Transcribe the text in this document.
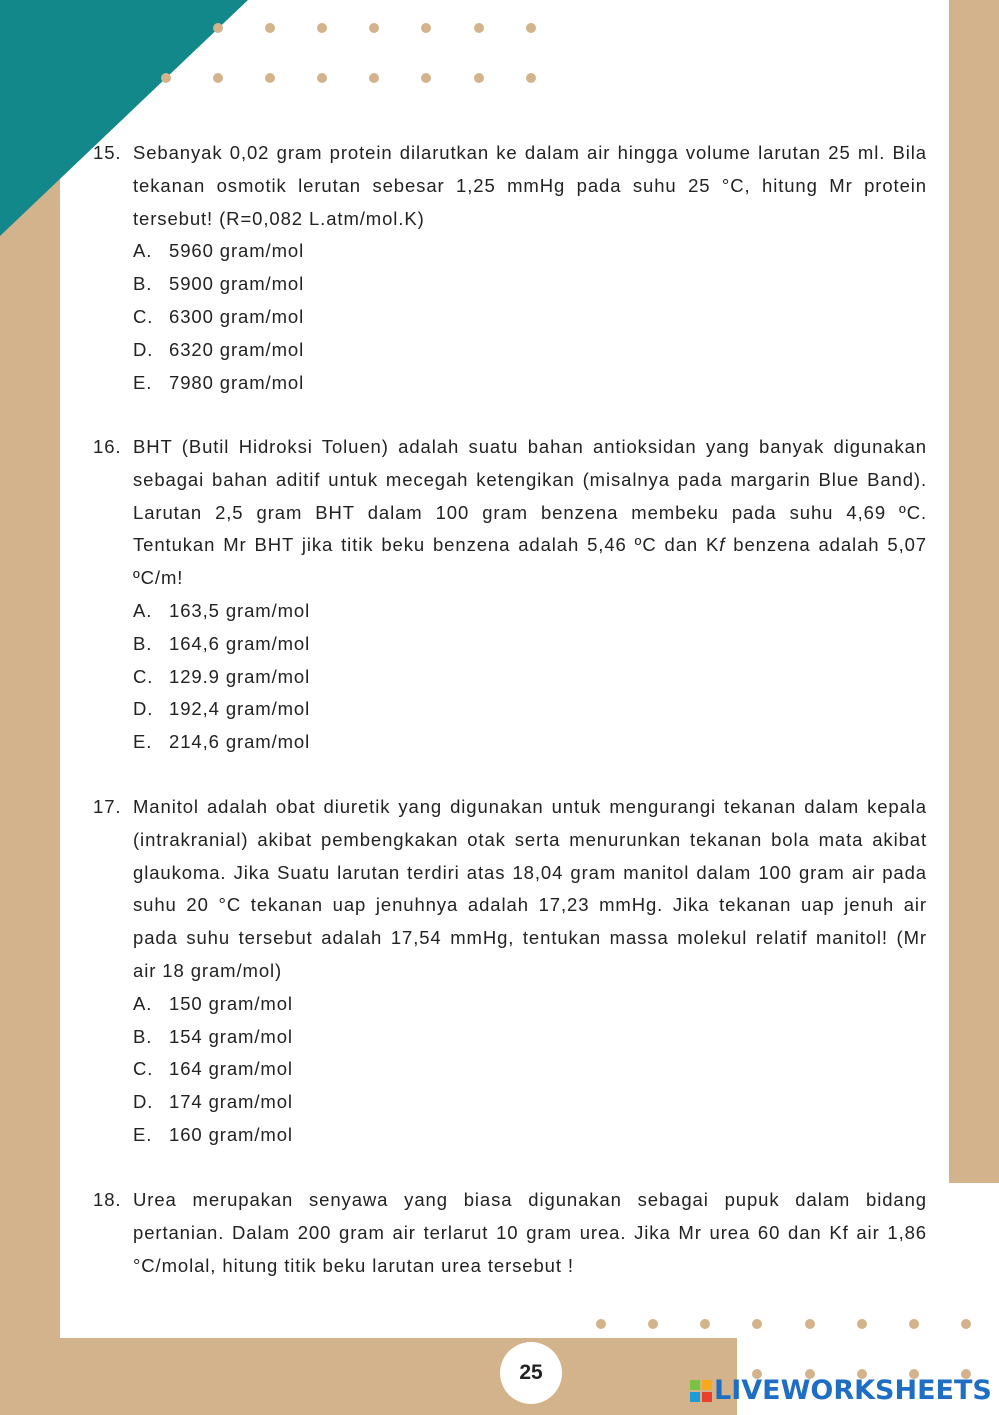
15. Sebanyak 0,02 gram protein dilarutkan ke dalam air hingga volume larutan 25 ml. Bila tekanan osmotik lerutan sebesar 1,25 mmHg pada suhu 25 °C, hitung Mr protein tersebut! (R=0,082 L.atm/mol.K)
A. 5960 gram/mol
B. 5900 gram/mol
C. 6300 gram/mol
D. 6320 gram/mol
E. 7980 gram/mol
16. BHT (Butil Hidroksi Toluen) adalah suatu bahan antioksidan yang banyak digunakan sebagai bahan aditif untuk mecegah ketengikan (misalnya pada margarin Blue Band). Larutan 2,5 gram BHT dalam 100 gram benzena membeku pada suhu 4,69 ºC. Tentukan Mr BHT jika titik beku benzena adalah 5,46 ºC dan Kf benzena adalah 5,07 ºC/m!
A. 163,5 gram/mol
B. 164,6 gram/mol
C. 129.9 gram/mol
D. 192,4 gram/mol
E. 214,6 gram/mol
17. Manitol adalah obat diuretik yang digunakan untuk mengurangi tekanan dalam kepala (intrakranial) akibat pembengkakan otak serta menurunkan tekanan bola mata akibat glaukoma. Jika Suatu larutan terdiri atas 18,04 gram manitol dalam 100 gram air pada suhu 20 °C tekanan uap jenuhnya adalah 17,23 mmHg. Jika tekanan uap jenuh air pada suhu tersebut adalah 17,54 mmHg, tentukan massa molekul relatif manitol! (Mr air 18 gram/mol)
A. 150 gram/mol
B. 154 gram/mol
C. 164 gram/mol
D. 174 gram/mol
E. 160 gram/mol
18. Urea merupakan senyawa yang biasa digunakan sebagai pupuk dalam bidang pertanian. Dalam 200 gram air terlarut 10 gram urea. Jika Mr urea 60 dan Kf air 1,86 °C/molal, hitung titik beku larutan urea tersebut !
25
LIVEWORKSHEETS
